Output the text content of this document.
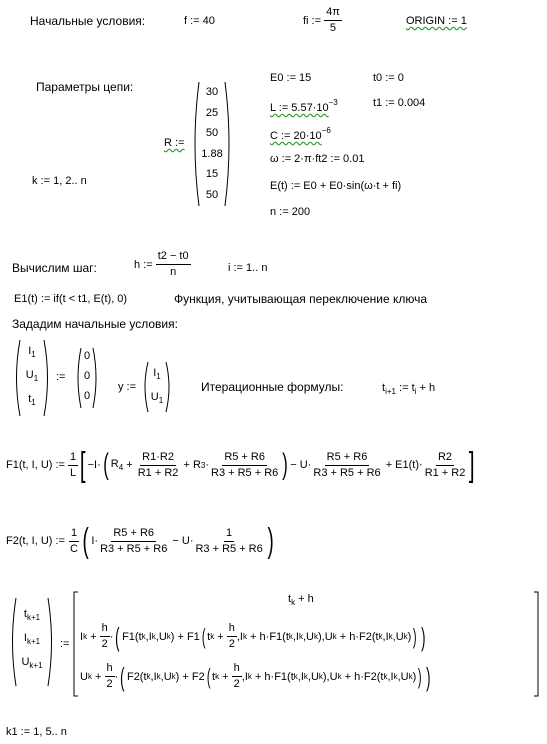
Начальные условия:	f := 40	fi :=
$\frac{4\pi}{5}$	ORIGIN := 1
Параметры цепи:
R :=
30
25
50
1.88
15
50
k := 1, 2.. n
E0 := 15	t0 := 0
L := $5.57\cdot 10^{-3}$	t1 := 0.004
C := $20\cdot 10^{-6}$
ω := 2·π·ft2 := 0.01
E(t) := E0 + E0·sin(ω·t + fi)
n := 200
Вычислим шаг:	h :=
$\frac{t2 - t0}{n}$	i := 1.. n
E1(t) := if(t < t1, E(t), 0)	Функция, учитывающая переключение ключа
Зададим начальные условия:
$I_1$
$U_1$
$t_1$
:=
0
0
0
y :=
$I_1$
$U_1$
Итерационные формулы:	$t_{i+1}$ := $t_i + h$
F1(t, I, U) :=
$\frac{1}{L}$ [ −I· ( $R_4 + \frac{R1\cdot R2}{R1 + R2} + R$ $3 \cdot \frac{R5 + R6}{R3 + R5 + R6}$ ) − $U\cdot \frac{R5 + R6}{R3 + R5 + R6}$
+ $E1(t)\cdot \frac{R2}{R1 + R2}$ ]
F2(t, I, U) :=
$\frac{1}{C}$ ( $I\cdot \frac{R5 + R6}{R3 + R5 + R6}$
− $U\cdot \frac{1}{R3 + R5 + R6}$ )
$t_{k+1}$
$I_{k+1}$
$U_{k+1}$
:=
$t_k + h$
I $k + \frac{h}{2}$ · ( F1(t k ,I k ,U k ) + F1 ( t $k + \frac{h}{2} ,I$ k + h·F1(t k ,I k ,U k ),U k + h·F2(t k ,I k ,U k ) ) )
U $k + \frac{h}{2}$ · ( F2(t k ,I k ,U k ) + F2 ( t $k + \frac{h}{2} ,I$ k + h·F1(t k ,I k ,U k ),U k + h·F2(t k ,I k ,U k ) ) )
k1 := 1, 5.. n
